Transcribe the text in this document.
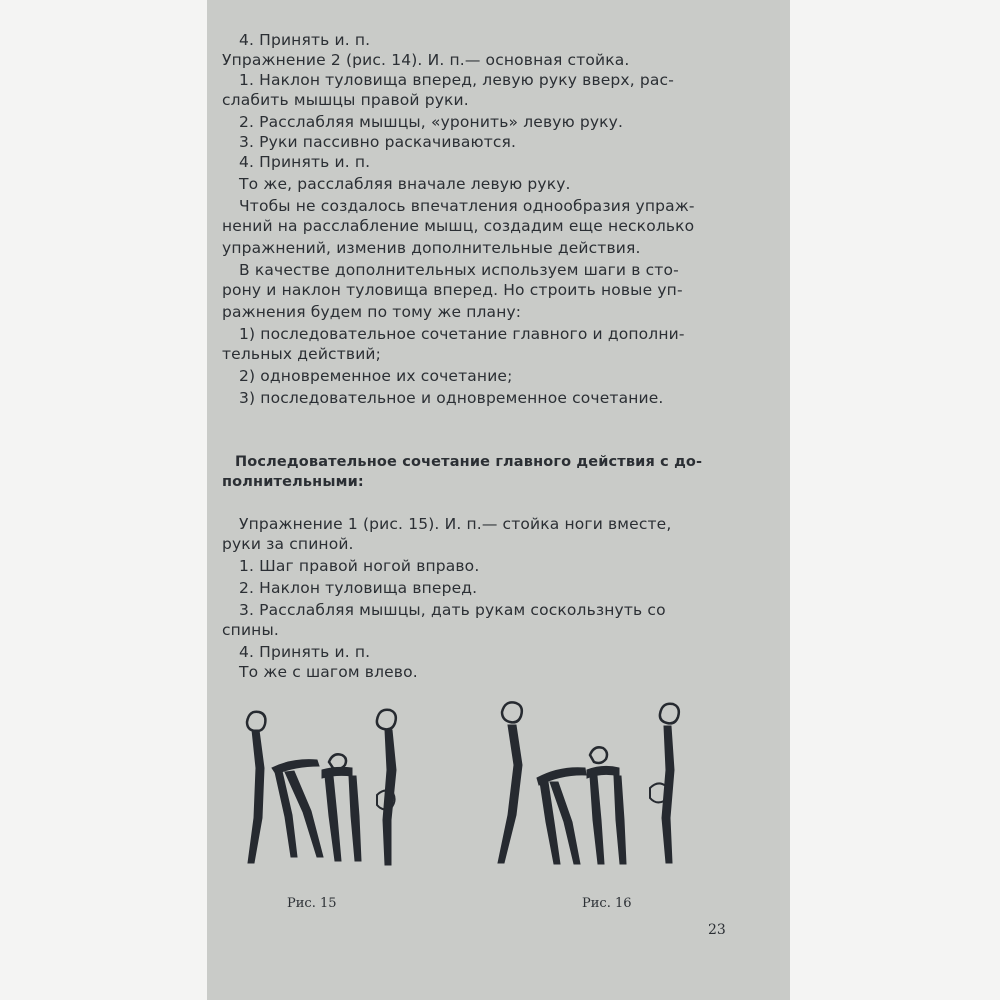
4. Принять и. п.

Упражнение 2 (рис. 14). И. п.— основная стойка.

1. Наклон туловища вперед, левую руку вверх, рас-

слабить мышцы правой руки.

2. Расслабляя мышцы, «уронить» левую руку.

3. Руки пассивно раскачиваются.

4. Принять и. п.

То же, расслабляя вначале левую руку.

Чтобы не создалось впечатления однообразия упраж-

нений на расслабление мышц, создадим еще несколько

упражнений, изменив дополнительные действия.

В качестве дополнительных используем шаги в сто-

рону и наклон туловища вперед. Но строить новые уп-

ражнения будем по тому же плану:

1) последовательное сочетание главного и дополни-

тельных действий;

2) одновременное их сочетание;

3) последовательное и одновременное сочетание.

Последовательное сочетание главного действия с до-

полнительными:

Упражнение 1 (рис. 15). И. п.— стойка ноги вместе,

руки за спиной.

1. Шаг правой ногой вправо.

2. Наклон туловища вперед.

3. Расслабляя мышцы, дать рукам соскользнуть со

спины.

4. Принять и. п.

То же с шагом влево.

Рис. 15	Рис. 16
23
